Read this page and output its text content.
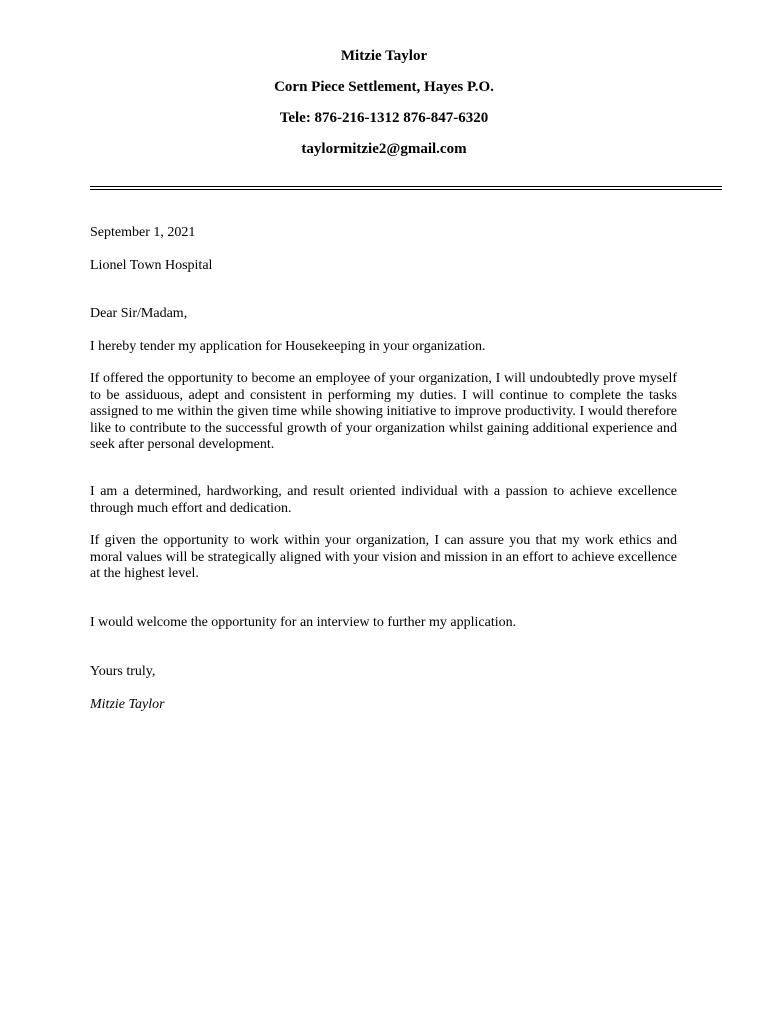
Mitzie Taylor
Corn Piece Settlement, Hayes P.O.
Tele: 876-216-1312 876-847-6320
taylormitzie2@gmail.com
September 1, 2021
Lionel Town Hospital
Dear Sir/Madam,
I hereby tender my application for Housekeeping in your organization.
If offered the opportunity to become an employee of your organization, I will undoubtedly prove myself to be assiduous, adept and consistent in performing my duties. I will continue to complete the tasks assigned to me within the given time while showing initiative to improve productivity. I would therefore like to contribute to the successful growth of your organization whilst gaining additional experience and seek after personal development.
I am a determined, hardworking, and result oriented individual with a passion to achieve excellence through much effort and dedication.
If given the opportunity to work within your organization, I can assure you that my work ethics and moral values will be strategically aligned with your vision and mission in an effort to achieve excellence at the highest level.
I would welcome the opportunity for an interview to further my application.
Yours truly,
Mitzie Taylor
